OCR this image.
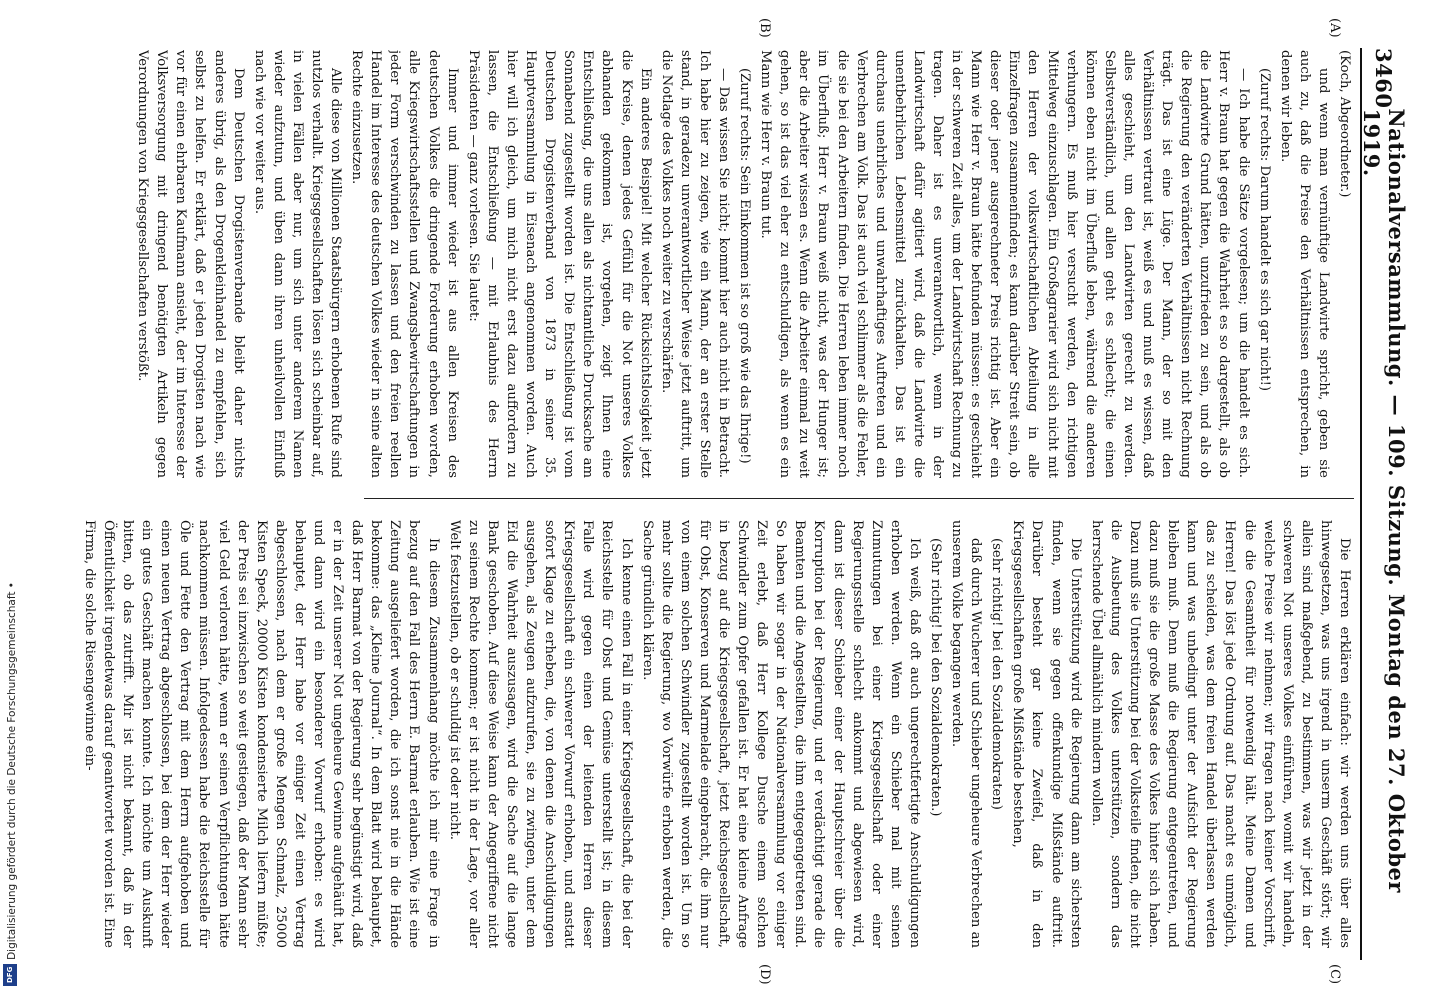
3460
Nationalversammlung. — 109. Sitzung. Montag den 27. Oktober 1919.
(A)
(B)
(C)
(D)

(Koch, Abgeordneter.)

und wenn man vernünftige Landwirte spricht, geben sie auch zu, daß die Preise den Verhältnissen entsprechen, in denen wir leben.

(Zuruf rechts: Darum handelt es sich gar nicht!)

— Ich habe die Sätze vorgelesen; um die handelt es sich. Herr v. Braun hat gegen die Wahrheit es so dargestellt, als ob die Landwirte Grund hätten, unzufrieden zu sein, und als ob die Regierung den veränderten Verhältnissen nicht Rechnung trägt. Das ist eine Lüge. Der Mann, der so mit den Verhältnissen vertraut ist, weiß es und muß es wissen, daß alles geschieht, um den Landwirten gerecht zu werden. Selbstverständlich, und allen geht es schlecht; die einen können eben nicht im Überfluß leben, während die anderen verhungern. Es muß hier versucht werden, den richtigen Mittelweg einzuschlagen. Ein Großagrarier wird sich nicht mit den Herren der volkswirtschaftlichen Abteilung in alle Einzelfragen zusammenfinden; es kann darüber Streit sein, ob dieser oder jener ausgerechneter Preis richtig ist. Aber ein Mann wie Herr v. Braun hätte befunden müssen: es geschieht in der schweren Zeit alles, um der Landwirtschaft Rechnung zu tragen. Daher ist es unverantwortlich, wenn in der Landwirtschaft dafür agitiert wird, daß die Landwirte die unentbehrlichen Lebensmittel zurückhalten. Das ist ein durchaus unehrliches und unwahrhaftiges Auftreten und ein Verbrechen am Volk. Das ist auch viel schlimmer als die Fehler, die sie bei den Arbeitern finden. Die Herren leben immer noch im Überfluß; Herr v. Braun weiß nicht, was der Hunger ist; aber die Arbeiter wissen es. Wenn die Arbeiter einmal zu weit gehen, so ist das viel eher zu entschuldigen, als wenn es ein Mann wie Herr v. Braun tut.

(Zuruf rechts: Sein Einkommen ist so groß wie das Ihrige!)

— Das wissen Sie nicht; kommt hier auch nicht in Betracht. Ich habe hier zu zeigen, wie ein Mann, der an erster Stelle stand, in geradezu unverantwortlicher Weise jetzt auftritt, um die Notlage des Volkes noch weiter zu verschärfen.

Ein anderes Beispiel! Mit welcher Rücksichtslosigkeit jetzt die Kreise, denen jedes Gefühl für die Not unseres Volkes abhanden gekommen ist, vorgehen, zeigt Ihnen eine Entschließung, die uns allen als nichtamtliche Drucksache am Sonnabend zugestellt worden ist. Die Entschließung ist vom Deutschen Drogistenverband von 1873 in seiner 35. Hauptversammlung in Eisenach angenommen worden. Auch hier will ich gleich, um mich nicht erst dazu auffordern zu lassen, die Entschließung — mit Erlaubnis des Herrn Präsidenten — ganz vorlesen. Sie lautet:

Immer und immer wieder ist aus allen Kreisen des deutschen Volkes die dringende Forderung erhoben worden, alle Kriegswirtschaftsstellen und Zwangsbewirtschaftungen in jeder Form verschwinden zu lassen und den freien reellen Handel im Interesse des deutschen Volkes wieder in seine alten Rechte einzusetzen.

Alle diese von Millionen Staatsbürgern erhobenen Rufe sind nutzlos verhallt. Kriegsgesellschaften lösen sich scheinbar auf, in vielen Fällen aber nur, um sich unter anderem Namen wieder aufzutun, und üben dann ihren unheilvollen Einfluß nach wie vor weiter aus.

Dem Deutschen Drogistenverbande bleibt daher nichts anderes übrig, als den Drogenkleinhandel zu empfehlen, sich selbst zu helfen. Er erklärt, daß er jeden Drogisten nach wie vor für einen ehrbaren Kaufmann ansieht, der im Interesse der Volksversorgung mit dringend benötigten Artikeln gegen Verordnungen von Kriegsgesellschaften verstößt.

Die Herren erklären einfach: wir werden uns über alles hinwegsetzen, was uns irgend in unserm Geschäft stört; wir allein sind maßgebend, zu bestimmen, was wir jetzt in der schweren Not unseres Volkes einführen, womit wir handeln, welche Preise wir nehmen; wir fragen nach keiner Vorschrift, die die Gesamtheit für notwendig hält. Meine Damen und Herren! Das löst jede Ordnung auf. Das macht es unmöglich, das zu scheiden, was dem freien Handel überlassen werden kann und was unbedingt unter der Aufsicht der Regierung bleiben muß. Denn muß die Regierung entgegentreten, und dazu muß sie die große Masse des Volkes hinter sich haben. Dazu muß sie Unterstützung bei der Volksteile finden, die nicht die Ausbeutung des Volkes unterstützen, sondern das herrschende Übel allmählich mindern wollen.

Die Unterstützung wird die Regierung dann am sichersten finden, wenn sie gegen offenkundige Mißstände auftritt. Darüber besteht gar keine Zweifel, daß in den Kriegsgesellschaften große Mißstände bestehen,

(sehr richtig! bei den Sozialdemokraten)

daß durch Wucherer und Schieber ungeheure Verbrechen an unserem Volke begangen werden.

(Sehr richtig! bei den Sozialdemokraten.)

Ich weiß, daß oft auch ungerechtfertigte Anschuldigungen erhoben werden. Wenn ein Schieber mal mit seinen Zumutungen bei einer Kriegsgesellschaft oder einer Regierungsstelle schlecht ankommt und abgewiesen wird, dann ist dieser Schieber einer der Hauptschreier über die Korruption bei der Regierung, und er verdächtigt gerade die Beamten und die Angestellten, die ihm entgegengetreten sind. So haben wir sogar in der Nationalversammlung vor einiger Zeit erlebt, daß Herr Kollege Dusche einem solchen Schwindler zum Opfer gefallen ist. Er hat eine kleine Anfrage in bezug auf die Kriegsgesellschaft, jetzt Reichsgesellschaft, für Obst, Konserven und Marmelade eingebracht, die ihm nur von einem solchen Schwindler zugestellt worden ist. Um so mehr sollte die Regierung, wo Vorwürfe erhoben werden, die Sache gründlich klären.

Ich kenne einen Fall in einer Kriegsgesellschaft, die bei der Reichsstelle für Obst und Gemüse unterstellt ist; in diesem Falle wird gegen einen der leitenden Herren dieser Kriegsgesellschaft ein schwerer Vorwurf erhoben, und anstatt sofort Klage zu erheben, die, von denen die Anschuldigungen ausgehen, als Zeugen aufzurufen, sie zu zwingen, unter dem Eid die Wahrheit auszusagen, wird die Sache auf die lange Bank geschoben. Auf diese Weise kann der Angegriffene nicht zu seinem Rechte kommen; er ist nicht in der Lage, vor aller Welt festzustellen, ob er schuldig ist oder nicht.

In diesem Zusammenhang möchte ich mir eine Frage in bezug auf den Fall des Herrn E. Barmat erlauben. Wie ist eine Zeitung ausgeliefert worden, die ich sonst nie in die Hände bekomme: das „Kleine Journal“. In dem Blatt wird behauptet, daß Herr Barmat von der Regierung sehr begünstigt wird, daß er in der Zeit unserer Not ungeheure Gewinne aufgehäuft hat, und dann wird ein besonderer Vorwurf erhoben: es wird behauptet, der Herr habe vor einiger Zeit einen Vertrag abgeschlossen, nach dem er große Mengen Schmalz, 25000 Kisten Speck, 20000 Kisten kondensierte Milch liefern müßte; der Preis sei inzwischen so weit gestiegen, daß der Mann sehr viel Geld verloren hätte, wenn er seinen Verpflichtungen hätte nachkommen müssen. Infolgedessen habe die Reichsstelle für Öle und Fette den Vertrag mit dem Herrn aufgehoben und einen neuen Vertrag abgeschlossen, bei dem der Herr wieder ein gutes Geschäft machen konnte. Ich möchte um Auskunft bitten, ob das zutrifft. Mir ist nicht bekannt, daß in der Öffentlichkeit irgendetwas darauf geantwortet worden ist. Eine Firma, die solche Riesengewinne ein-

Digitalisierung gefördert durch die Deutsche Forschungsgemeinschaft •
DFG
